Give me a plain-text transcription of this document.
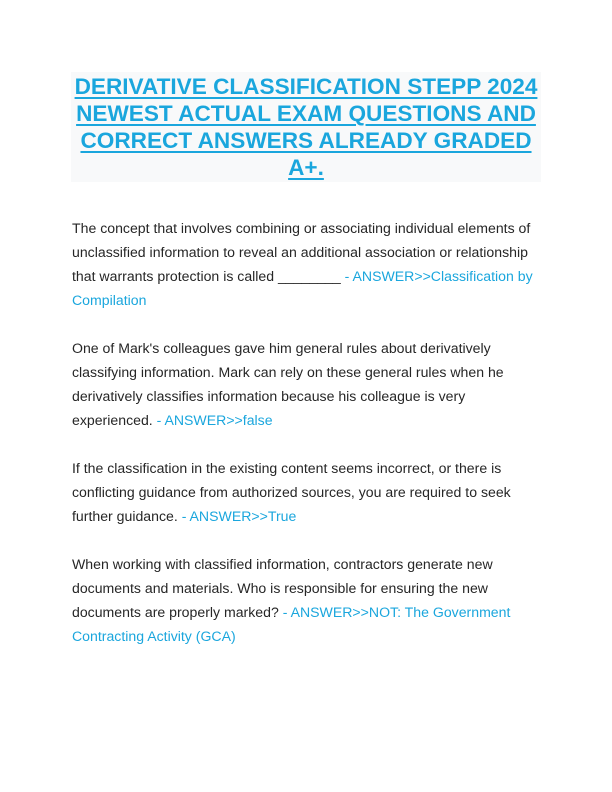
DERIVATIVE CLASSIFICATION STEPP 2024 NEWEST ACTUAL EXAM QUESTIONS AND CORRECT ANSWERS ALREADY GRADED A+.

The concept that involves combining or associating individual elements of unclassified information to reveal an additional association or relationship that warrants protection is called ________ - ANSWER>>Classification by Compilation

One of Mark's colleagues gave him general rules about derivatively classifying information. Mark can rely on these general rules when he derivatively classifies information because his colleague is very experienced. - ANSWER>>false

If the classification in the existing content seems incorrect, or there is conflicting guidance from authorized sources, you are required to seek further guidance. - ANSWER>>True

When working with classified information, contractors generate new documents and materials. Who is responsible for ensuring the new documents are properly marked? - ANSWER>>NOT: The Government Contracting Activity (GCA)
